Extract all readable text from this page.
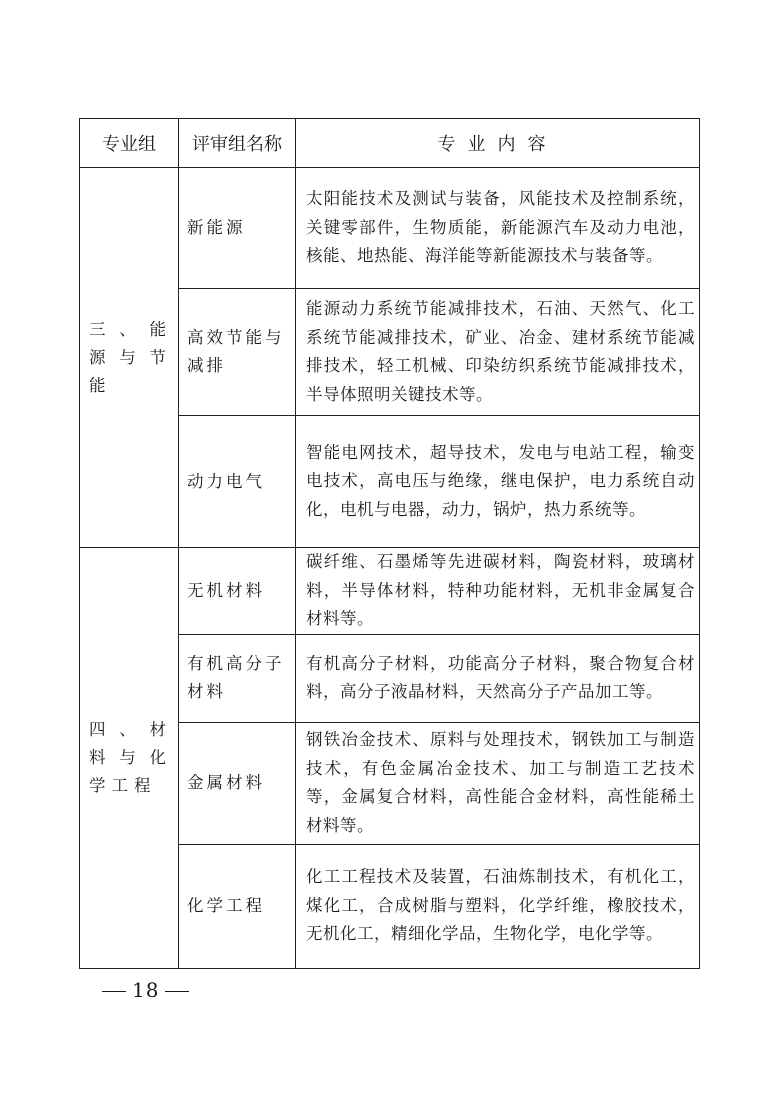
专业组	评审组名称	专业内容
三、能源与节能	新能源	太阳能技术及测试与装备，风能技术及控制系统，关键零部件，生物质能，新能源汽车及动力电池，核能、地热能、海洋能等新能源技术与装备等。
	高效节能与减排	能源动力系统节能减排技术，石油、天然气、化工系统节能减排技术，矿业、冶金、建材系统节能减排技术，轻工机械、印染纺织系统节能减排技术，半导体照明关键技术等。
	动力电气	智能电网技术，超导技术，发电与电站工程，输变电技术，高电压与绝缘，继电保护，电力系统自动化，电机与电器，动力，锅炉，热力系统等。
四、材料与化学工程	无机材料	碳纤维、石墨烯等先进碳材料，陶瓷材料，玻璃材料，半导体材料，特种功能材料，无机非金属复合材料等。
	有机高分子材料	有机高分子材料，功能高分子材料，聚合物复合材料，高分子液晶材料，天然高分子产品加工等。
	金属材料	钢铁冶金技术、原料与处理技术，钢铁加工与制造技术，有色金属冶金技术、加工与制造工艺技术等，金属复合材料，高性能合金材料，高性能稀土材料等。
	化学工程	化工工程技术及装置，石油炼制技术，有机化工，煤化工，合成树脂与塑料，化学纤维，橡胶技术，无机化工，精细化学品，生物化学，电化学等。
18
